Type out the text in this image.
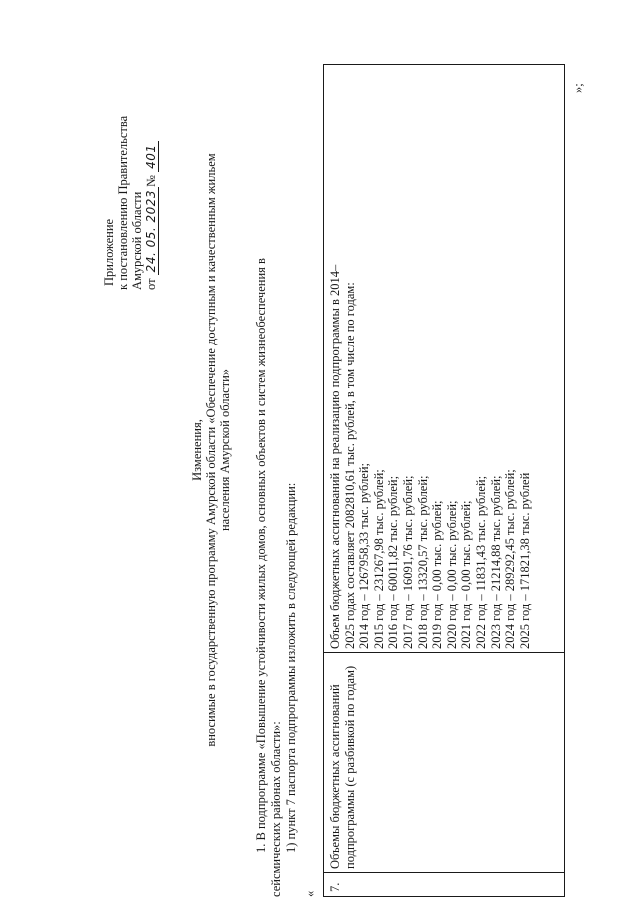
Приложение к постановлению Правительства Амурской области от 24. 05. 2023№ 401
Изменения, вносимые в государственную программу Амурской области «Обеспечение доступным и качественным жильем населения Амурской области» 1. В подпрограмме «Повышение устойчивости жилых домов, основных объектов и систем жизнеобеспечения в сейсмических районах области»: 1) пункт 7 паспорта подпрограммы изложить в следующей редакции:
«
7.
Объемы бюджетных ассигнований подпрограммы (с разбивкой по годам)
Объем бюджетных ассигнований на реализацию подпрограммы в 2014– 2025 годах составляет 2082810,61 тыс. рублей, в том числе по годам: 2014 год – 1267958,33 тыс. рублей; 2015 год – 231267,98 тыс. рублей; 2016 год – 60011,82 тыс. рублей; 2017 год – 16091,76 тыс. рублей; 2018 год – 13320,57 тыс. рублей; 2019 год – 0,00 тыс. рублей; 2020 год – 0,00 тыс. рублей; 2021 год – 0,00 тыс. рублей; 2022 год – 11831,43 тыс. рублей; 2023 год – 21214,88 тыс. рублей; 2024 год – 289292,45 тыс. рублей; 2025 год – 171821,38 тыс. рублей
»;
